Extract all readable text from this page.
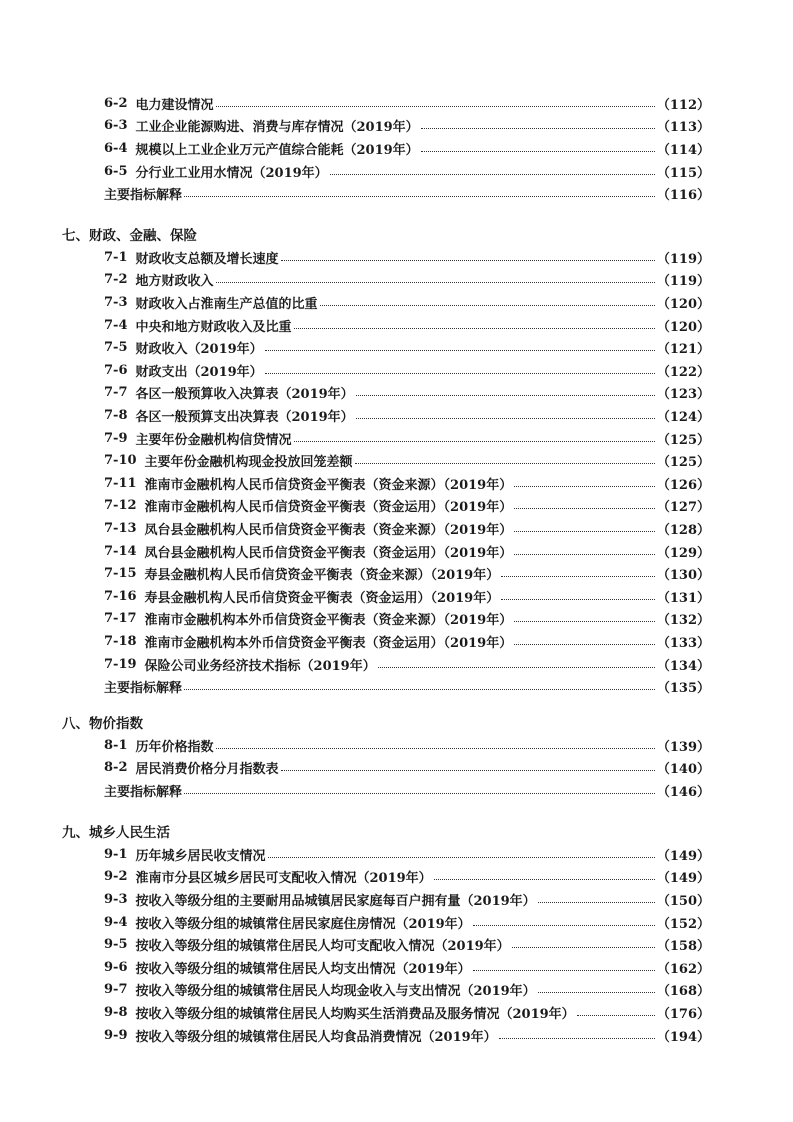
6-2 电力建设情况	（112）
6-3 工业企业能源购进、消费与库存情况（2019年）	（113）
6-4 规模以上工业企业万元产值综合能耗（2019年）	（114）
6-5 分行业工业用水情况（2019年）	（115）
主要指标解释	（116）
七、财政、金融、保险
7-1 财政收支总额及增长速度	（119）
7-2 地方财政收入	（119）
7-3 财政收入占淮南生产总值的比重	（120）
7-4 中央和地方财政收入及比重	（120）
7-5 财政收入（2019年）	（121）
7-6 财政支出（2019年）	（122）
7-7 各区一般预算收入决算表（2019年）	（123）
7-8 各区一般预算支出决算表（2019年）	（124）
7-9 主要年份金融机构信贷情况	（125）
7-10 主要年份金融机构现金投放回笼差额	（125）
7-11 淮南市金融机构人民币信贷资金平衡表（资金来源）（2019年）	（126）
7-12 淮南市金融机构人民币信贷资金平衡表（资金运用）（2019年）	（127）
7-13 凤台县金融机构人民币信贷资金平衡表（资金来源）（2019年）	（128）
7-14 凤台县金融机构人民币信贷资金平衡表（资金运用）（2019年）	（129）
7-15 寿县金融机构人民币信贷资金平衡表（资金来源）（2019年）	（130）
7-16 寿县金融机构人民币信贷资金平衡表（资金运用）（2019年）	（131）
7-17 淮南市金融机构本外币信贷资金平衡表（资金来源）（2019年）	（132）
7-18 淮南市金融机构本外币信贷资金平衡表（资金运用）（2019年）	（133）
7-19 保险公司业务经济技术指标（2019年）	（134）
主要指标解释	（135）
八、物价指数
8-1 历年价格指数	（139）
8-2 居民消费价格分月指数表	（140）
主要指标解释	（146）
九、城乡人民生活
9-1 历年城乡居民收支情况	（149）
9-2 淮南市分县区城乡居民可支配收入情况（2019年）	（149）
9-3 按收入等级分组的主要耐用品城镇居民家庭每百户拥有量（2019年）	（150）
9-4 按收入等级分组的城镇常住居民家庭住房情况（2019年）	（152）
9-5 按收入等级分组的城镇常住居民人均可支配收入情况（2019年）	（158）
9-6 按收入等级分组的城镇常住居民人均支出情况（2019年）	（162）
9-7 按收入等级分组的城镇常住居民人均现金收入与支出情况（2019年）	（168）
9-8 按收入等级分组的城镇常住居民人均购买生活消费品及服务情况（2019年）	（176）
9-9 按收入等级分组的城镇常住居民人均食品消费情况（2019年）	（194）
